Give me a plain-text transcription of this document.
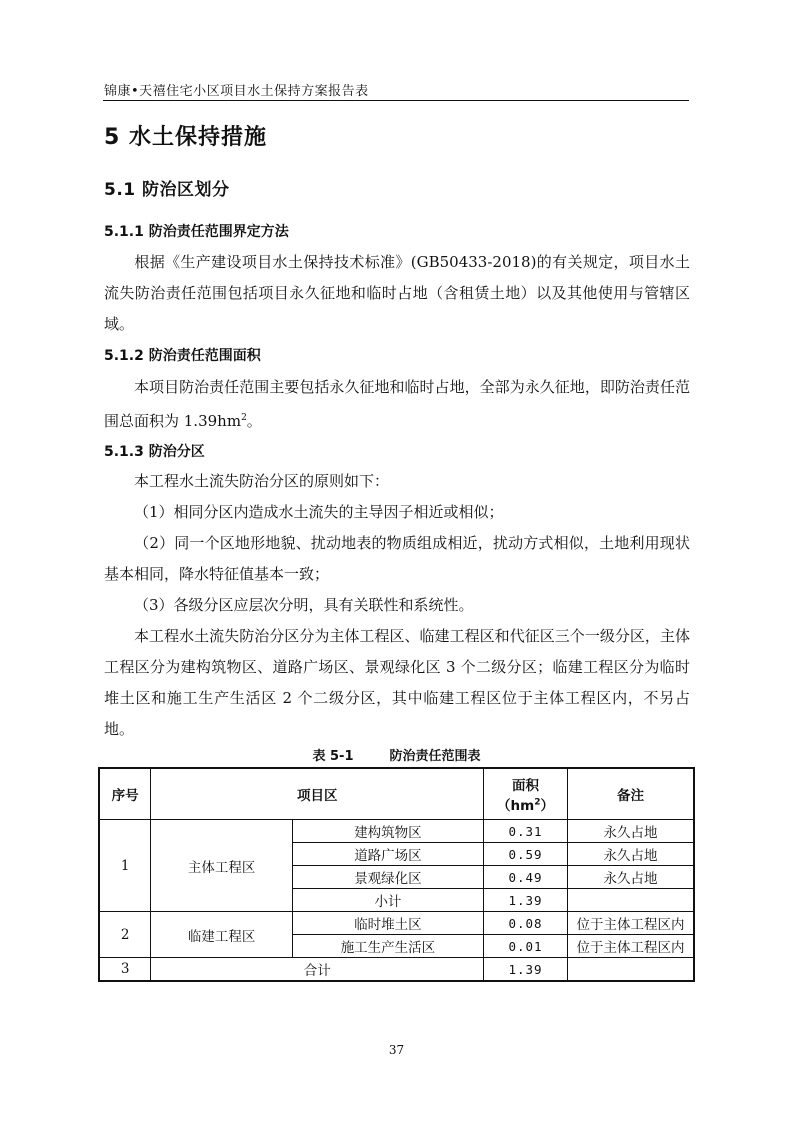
锦康•天禧住宅小区项目水土保持方案报告表
5 水土保持措施
5.1 防治区划分
5.1.1 防治责任范围界定方法
根据《生产建设项目水土保持技术标准》(GB50433-2018)的有关规定，项目水土流失防治责任范围包括项目永久征地和临时占地（含租赁土地）以及其他使用与管辖区域。
5.1.2 防治责任范围面积
本项目防治责任范围主要包括永久征地和临时占地，全部为永久征地，即防治责任范围总面积为 $1.39hm^2$。
5.1.3 防治分区
本工程水土流失防治分区的原则如下：
（1）相同分区内造成水土流失的主导因子相近或相似；
（2）同一个区地形地貌、扰动地表的物质组成相近，扰动方式相似，土地利用现状基本相同，降水特征值基本一致；
（3）各级分区应层次分明，具有关联性和系统性。
本工程水土流失防治分区分为主体工程区、临建工程区和代征区三个一级分区，主体工程区分为建构筑物区、道路广场区、景观绿化区 3 个二级分区；临建工程区分为临时堆土区和施工生产生活区 2 个二级分区，其中临建工程区位于主体工程区内，不另占地。
表 5-1	防治责任范围表
序号	项目区		面积$(hm^2)$	备注
1	主体工程区	建构筑物区	0.31	永久占地
		道路广场区	0.59	永久占地
		景观绿化区	0.49	永久占地
		小计	1.39	
2	临建工程区	临时堆土区	0.08	位于主体工程区内
		施工生产生活区	0.01	位于主体工程区内
3	合计		1.39	
37
